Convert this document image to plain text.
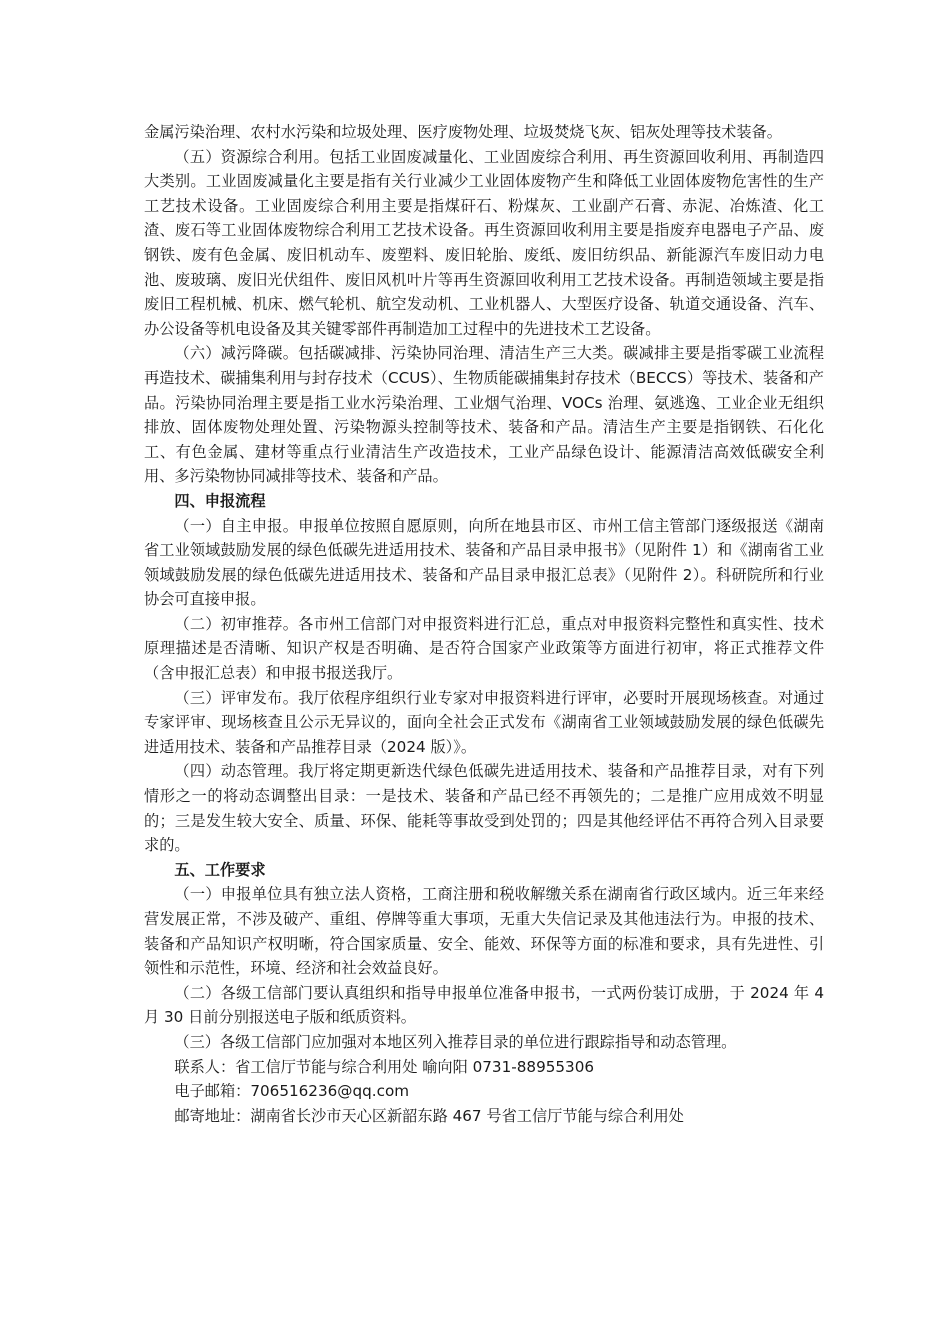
金属污染治理、农村水污染和垃圾处理、医疗废物处理、垃圾焚烧飞灰、铝灰处理等技术装备。

（五）资源综合利用。包括工业固废减量化、工业固废综合利用、再生资源回收利用、再制造四大类别。工业固废减量化主要是指有关行业减少工业固体废物产生和降低工业固体废物危害性的生产工艺技术设备。工业固废综合利用主要是指煤矸石、粉煤灰、工业副产石膏、赤泥、冶炼渣、化工渣、废石等工业固体废物综合利用工艺技术设备。再生资源回收利用主要是指废弃电器电子产品、废钢铁、废有色金属、废旧机动车、废塑料、废旧轮胎、废纸、废旧纺织品、新能源汽车废旧动力电池、废玻璃、废旧光伏组件、废旧风机叶片等再生资源回收利用工艺技术设备。再制造领域主要是指废旧工程机械、机床、燃气轮机、航空发动机、工业机器人、大型医疗设备、轨道交通设备、汽车、办公设备等机电设备及其关键零部件再制造加工过程中的先进技术工艺设备。

（六）减污降碳。包括碳减排、污染协同治理、清洁生产三大类。碳减排主要是指零碳工业流程再造技术、碳捕集利用与封存技术（CCUS）、生物质能碳捕集封存技术（BECCS）等技术、装备和产品。污染协同治理主要是指工业水污染治理、工业烟气治理、VOCs 治理、氨逃逸、工业企业无组织排放、固体废物处理处置、污染物源头控制等技术、装备和产品。清洁生产主要是指钢铁、石化化工、有色金属、建材等重点行业清洁生产改造技术，工业产品绿色设计、能源清洁高效低碳安全利用、多污染物协同减排等技术、装备和产品。

四、申报流程

（一）自主申报。申报单位按照自愿原则，向所在地县市区、市州工信主管部门逐级报送《湖南省工业领域鼓励发展的绿色低碳先进适用技术、装备和产品目录申报书》（见附件 1）和《湖南省工业领域鼓励发展的绿色低碳先进适用技术、装备和产品目录申报汇总表》（见附件 2）。科研院所和行业协会可直接申报。

（二）初审推荐。各市州工信部门对申报资料进行汇总，重点对申报资料完整性和真实性、技术原理描述是否清晰、知识产权是否明确、是否符合国家产业政策等方面进行初审，将正式推荐文件（含申报汇总表）和申报书报送我厅。

（三）评审发布。我厅依程序组织行业专家对申报资料进行评审，必要时开展现场核查。对通过专家评审、现场核查且公示无异议的，面向全社会正式发布《湖南省工业领域鼓励发展的绿色低碳先进适用技术、装备和产品推荐目录（2024 版）》。

（四）动态管理。我厅将定期更新迭代绿色低碳先进适用技术、装备和产品推荐目录，对有下列情形之一的将动态调整出目录：一是技术、装备和产品已经不再领先的；二是推广应用成效不明显的；三是发生较大安全、质量、环保、能耗等事故受到处罚的；四是其他经评估不再符合列入目录要求的。

五、工作要求

（一）申报单位具有独立法人资格，工商注册和税收解缴关系在湖南省行政区域内。近三年来经营发展正常，不涉及破产、重组、停牌等重大事项，无重大失信记录及其他违法行为。申报的技术、装备和产品知识产权明晰，符合国家质量、安全、能效、环保等方面的标准和要求，具有先进性、引领性和示范性，环境、经济和社会效益良好。

（二）各级工信部门要认真组织和指导申报单位准备申报书，一式两份装订成册，于 2024 年 4 月 30 日前分别报送电子版和纸质资料。

（三）各级工信部门应加强对本地区列入推荐目录的单位进行跟踪指导和动态管理。

联系人：省工信厅节能与综合利用处 喻向阳 0731-88955306

电子邮箱：706516236@qq.com

邮寄地址：湖南省长沙市天心区新韶东路 467 号省工信厅节能与综合利用处
